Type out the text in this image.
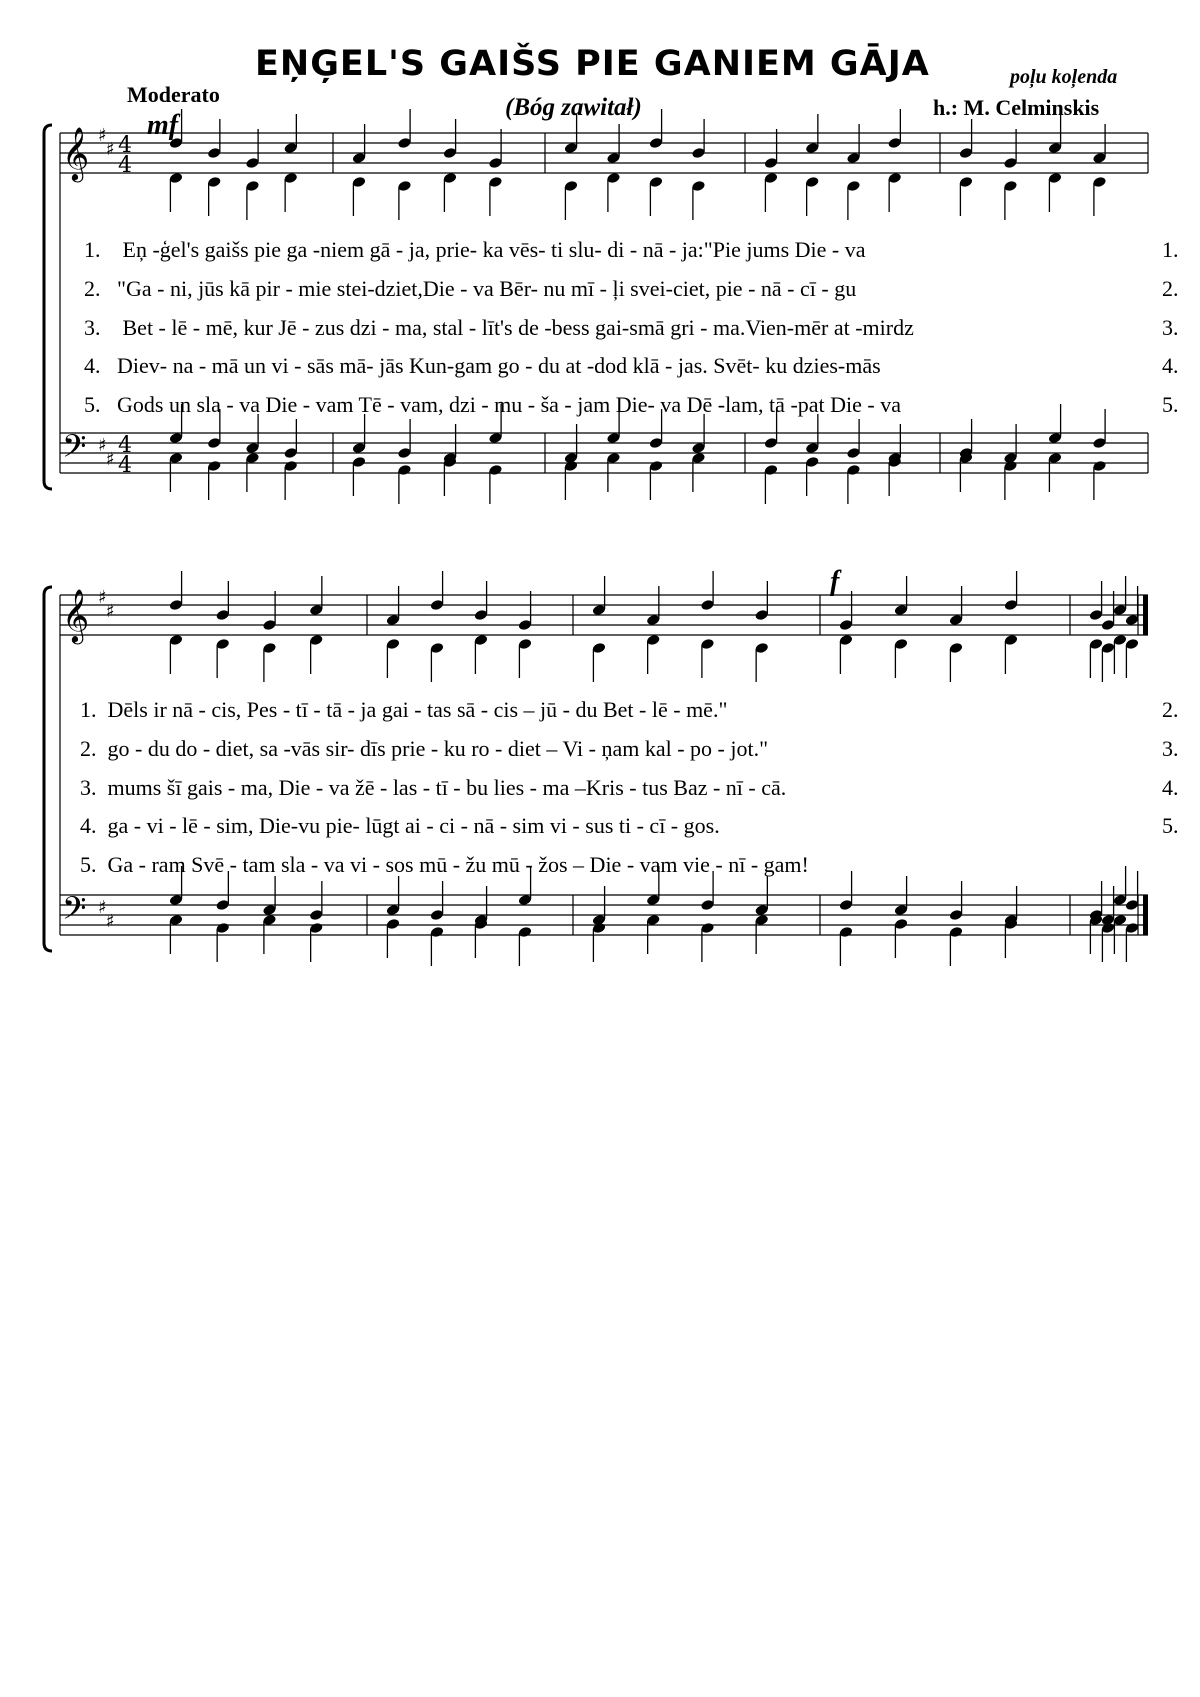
EŅĢEL'S GAIŠS PIE GANIEM GĀJA
(Bóg zawitał)
Moderato
poļu koļenda
h.: M. Celminskis
mf
f
𝄞
𝄢
♯
♯
♯
♯
4
4
4
4
𝄞
𝄢
♯
♯
♯
♯
1. Eņ -ģel's gaišs pie ga -niem gā - ja, prie- ka vēs- ti slu- di - nā - ja:"Pie jums Die - va
2. "Ga - ni, jūs kā pir - mie stei-dziet,Die - va Bēr- nu mī - ļi svei-ciet, pie - nā - cī - gu
3. Bet - lē - mē, kur Jē - zus dzi - ma, stal - līt's de -bess gai-smā gri - ma.Vien-mēr at -mirdz
4. Diev- na - mā un vi - sās mā- jās Kun-gam go - du at -dod klā - jas. Svēt- ku dzies-mās
5. Gods un sla - va Die - vam Tē - vam, dzi - mu - ša - jam Die- va Dē -lam, tā -pat Die - va
1.
2.
3.
4.
5.
1. Dēls ir nā - cis, Pes - tī - tā - ja gai - tas sā - cis – jū - du Bet - lē - mē."
2. go - du do - diet, sa -vās sir- dīs prie - ku ro - diet – Vi - ņam kal - po - jot."
3. mums šī gais - ma, Die - va žē - las - tī - bu lies - ma –Kris - tus Baz - nī - cā.
4. ga - vi - lē - sim, Die-vu pie- lūgt ai - ci - nā - sim vi - sus ti - cī - gos.
5. Ga - ram Svē - tam sla - va vi - sos mū - žu mū - žos – Die - vam vie - nī - gam!
2.
3.
4.
5.
